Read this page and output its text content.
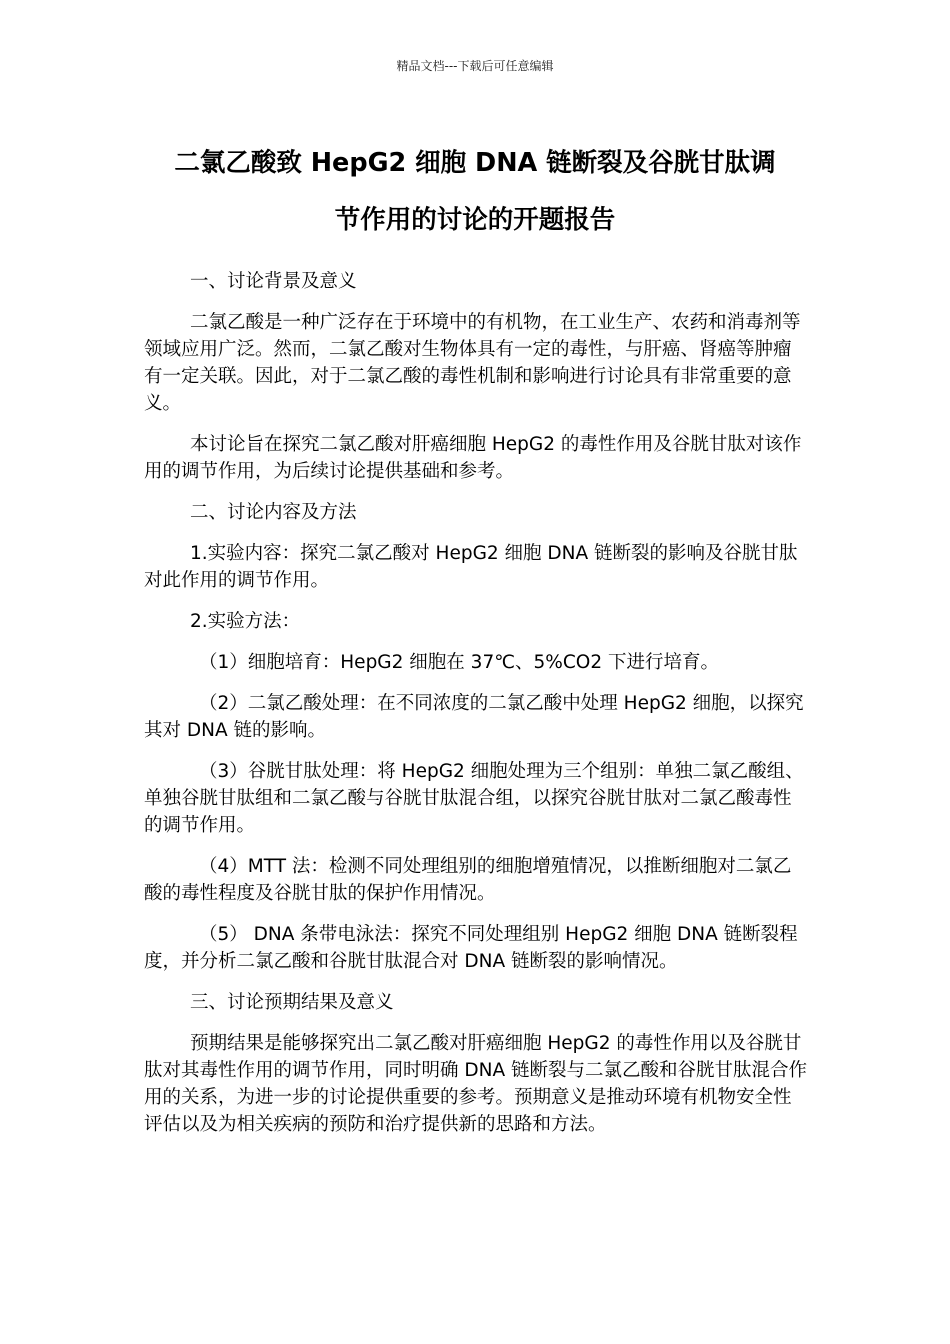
精品文档---下载后可任意编辑
二氯乙酸致 HepG2 细胞 DNA 链断裂及谷胱甘肽调
节作用的讨论的开题报告

一、讨论背景及意义

二氯乙酸是一种广泛存在于环境中的有机物，在工业生产、农药和消毒剂等领域应用广泛。然而，二氯乙酸对生物体具有一定的毒性，与肝癌、肾癌等肿瘤有一定关联。因此，对于二氯乙酸的毒性机制和影响进行讨论具有非常重要的意义。

本讨论旨在探究二氯乙酸对肝癌细胞 HepG2 的毒性作用及谷胱甘肽对该作用的调节作用，为后续讨论提供基础和参考。

二、讨论内容及方法

1.实验内容：探究二氯乙酸对 HepG2 细胞 DNA 链断裂的影响及谷胱甘肽对此作用的调节作用。

2.实验方法：

（1）细胞培育：HepG2 细胞在 37℃、5%CO2 下进行培育。

（2）二氯乙酸处理：在不同浓度的二氯乙酸中处理 HepG2 细胞，以探究其对 DNA 链的影响。

（3）谷胱甘肽处理：将 HepG2 细胞处理为三个组别：单独二氯乙酸组、单独谷胱甘肽组和二氯乙酸与谷胱甘肽混合组，以探究谷胱甘肽对二氯乙酸毒性的调节作用。

（4）MTT 法：检测不同处理组别的细胞增殖情况，以推断细胞对二氯乙酸的毒性程度及谷胱甘肽的保护作用情况。

（5） DNA 条带电泳法：探究不同处理组别 HepG2 细胞 DNA 链断裂程度，并分析二氯乙酸和谷胱甘肽混合对 DNA 链断裂的影响情况。

三、讨论预期结果及意义

预期结果是能够探究出二氯乙酸对肝癌细胞 HepG2 的毒性作用以及谷胱甘肽对其毒性作用的调节作用，同时明确 DNA 链断裂与二氯乙酸和谷胱甘肽混合作用的关系，为进一步的讨论提供重要的参考。预期意义是推动环境有机物安全性评估以及为相关疾病的预防和治疗提供新的思路和方法。
